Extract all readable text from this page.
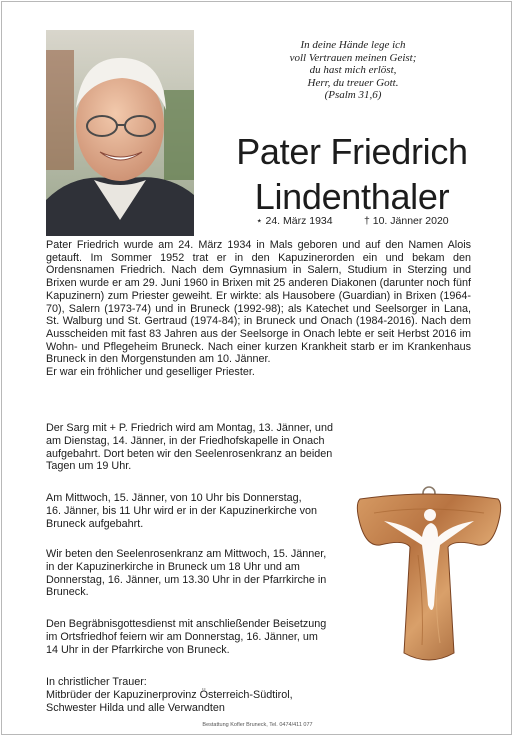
In deine Hände lege ich
voll Vertrauen meinen Geist;
du hast mich erlöst,
Herr, du treuer Gott.
(Psalm 31,6)
Pater Friedrich
Lindenthaler
⋆ 24. März 1934	† 10. Jänner 2020

Pater Friedrich wurde am 24. März 1934 in Mals geboren und auf den Namen Alois getauft. Im Sommer 1952 trat er in den Kapuzinerorden ein und bekam den Ordensnamen Friedrich. Nach dem Gymnasium in Salern, Studium in Sterzing und Brixen wurde er am 29. Juni 1960 in Brixen mit 25 anderen Diakonen (darunter noch fünf Kapuzinern) zum Priester geweiht. Er wirkte: als Hausobere (Guardian) in Brixen (1964-70), Salern (1973-74) und in Bruneck (1992-98); als Katechet und Seelsorger in Lana, St. Walburg und St. Gertraud (1974-84); in Bruneck und Onach (1984-2016). Nach dem Ausscheiden mit fast 83 Jahren aus der Seelsorge in Onach lebte er seit Herbst 2016 im Wohn- und Pflegeheim Bruneck. Nach einer kurzen Krankheit starb er im Krankenhaus Bruneck in den Morgenstunden am 10. Jänner.

Er war ein fröhlicher und geselliger Priester.

Der Sarg mit + P. Friedrich wird am Montag, 13. Jänner, und
am Dienstag, 14. Jänner, in der Friedhofskapelle in Onach
aufgebahrt. Dort beten wir den Seelenrosenkranz an beiden
Tagen um 19 Uhr.
Am Mittwoch, 15. Jänner, von 10 Uhr bis Donnerstag,
16. Jänner, bis 11 Uhr wird er in der Kapuzinerkirche von
Bruneck aufgebahrt.
Wir beten den Seelenrosenkranz am Mittwoch, 15. Jänner,
in der Kapuzinerkirche in Bruneck um 18 Uhr und am
Donnerstag, 16. Jänner, um 13.30 Uhr in der Pfarrkirche in
Bruneck.
Den Begräbnisgottesdienst mit anschließender Beisetzung
im Ortsfriedhof feiern wir am Donnerstag, 16. Jänner, um
14 Uhr in der Pfarrkirche von Bruneck.
In christlicher Trauer:
Mitbrüder der Kapuzinerprovinz Österreich-Südtirol,
Schwester Hilda und alle Verwandten
Bestattung Kofler Bruneck, Tel. 0474/411 077
